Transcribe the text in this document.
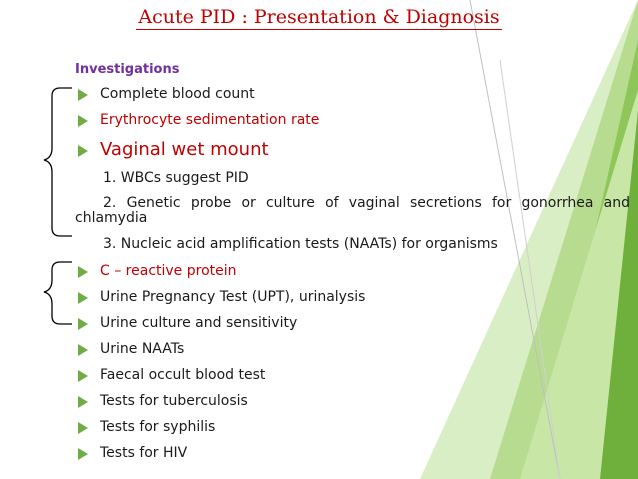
Acute PID : Presentation & Diagnosis
Investigations
Complete blood count
Erythrocyte sedimentation rate
Vaginal wet mount
1. WBCs suggest PID
2. Genetic probe or culture of vaginal secretions for gonorrhea and chlamydia
3. Nucleic acid amplification tests (NAATs) for organisms
C – reactive protein
Urine Pregnancy Test (UPT), urinalysis
Urine culture and sensitivity
Urine NAATs
Faecal occult blood test
Tests for tuberculosis
Tests for syphilis
Tests for HIV
